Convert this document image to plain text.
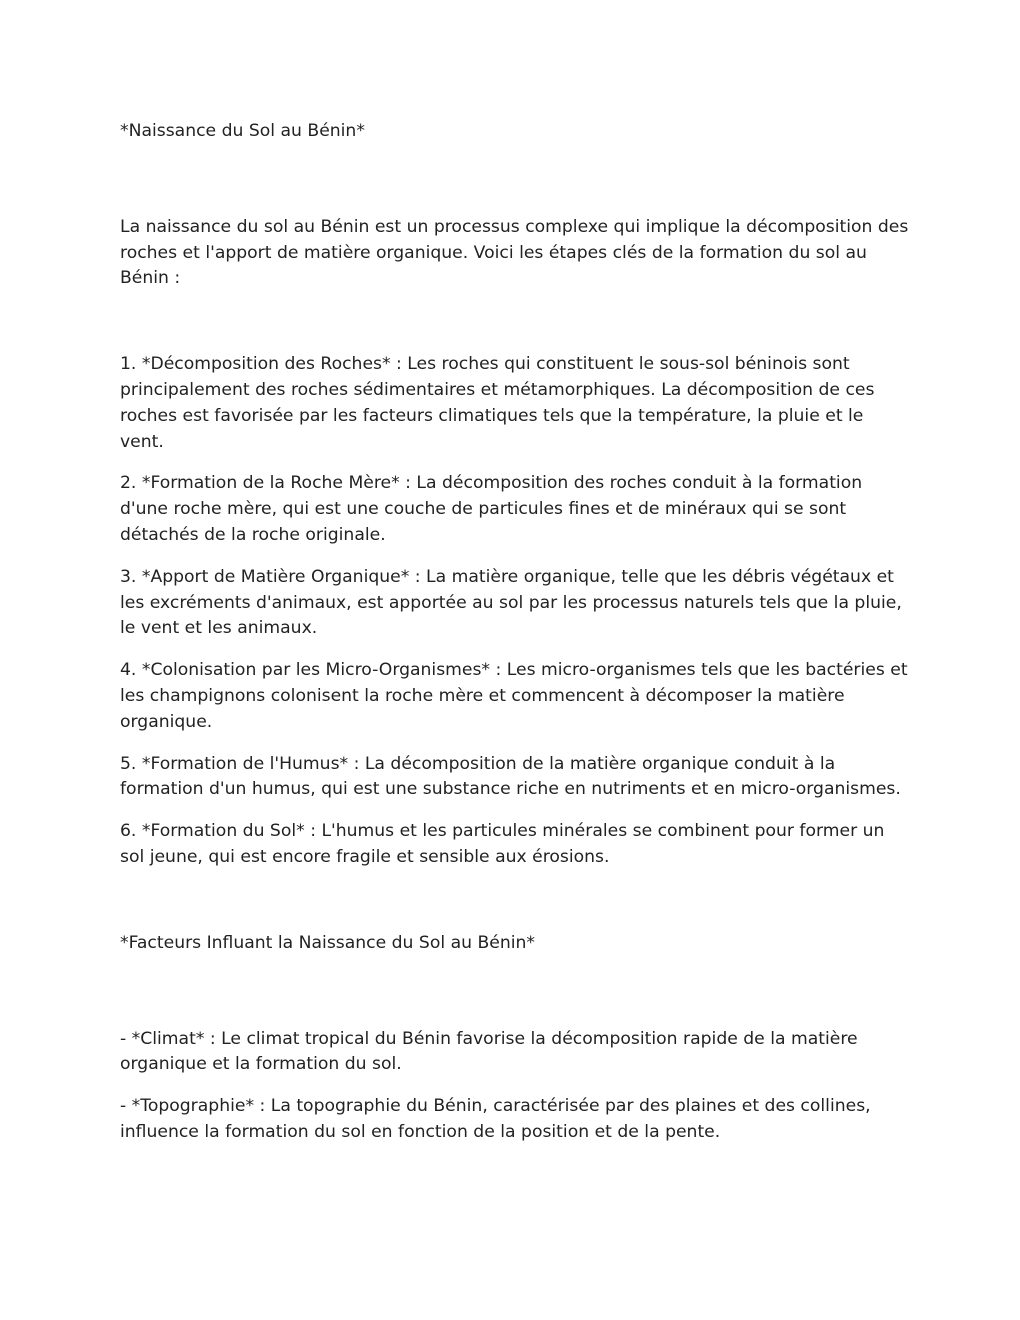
*Naissance du Sol au Bénin*

La naissance du sol au Bénin est un processus complexe qui implique la décomposition des roches et l'apport de matière organique. Voici les étapes clés de la formation du sol au Bénin :

1. *Décomposition des Roches* : Les roches qui constituent le sous-sol béninois sont principalement des roches sédimentaires et métamorphiques. La décomposition de ces roches est favorisée par les facteurs climatiques tels que la température, la pluie et le vent.

2. *Formation de la Roche Mère* : La décomposition des roches conduit à la formation d'une roche mère, qui est une couche de particules fines et de minéraux qui se sont détachés de la roche originale.

3. *Apport de Matière Organique* : La matière organique, telle que les débris végétaux et les excréments d'animaux, est apportée au sol par les processus naturels tels que la pluie, le vent et les animaux.

4. *Colonisation par les Micro-Organismes* : Les micro-organismes tels que les bactéries et les champignons colonisent la roche mère et commencent à décomposer la matière organique.

5. *Formation de l'Humus* : La décomposition de la matière organique conduit à la formation d'un humus, qui est une substance riche en nutriments et en micro-organismes.

6. *Formation du Sol* : L'humus et les particules minérales se combinent pour former un sol jeune, qui est encore fragile et sensible aux érosions.

*Facteurs Influant la Naissance du Sol au Bénin*

- *Climat* : Le climat tropical du Bénin favorise la décomposition rapide de la matière organique et la formation du sol.

- *Topographie* : La topographie du Bénin, caractérisée par des plaines et des collines, influence la formation du sol en fonction de la position et de la pente.
